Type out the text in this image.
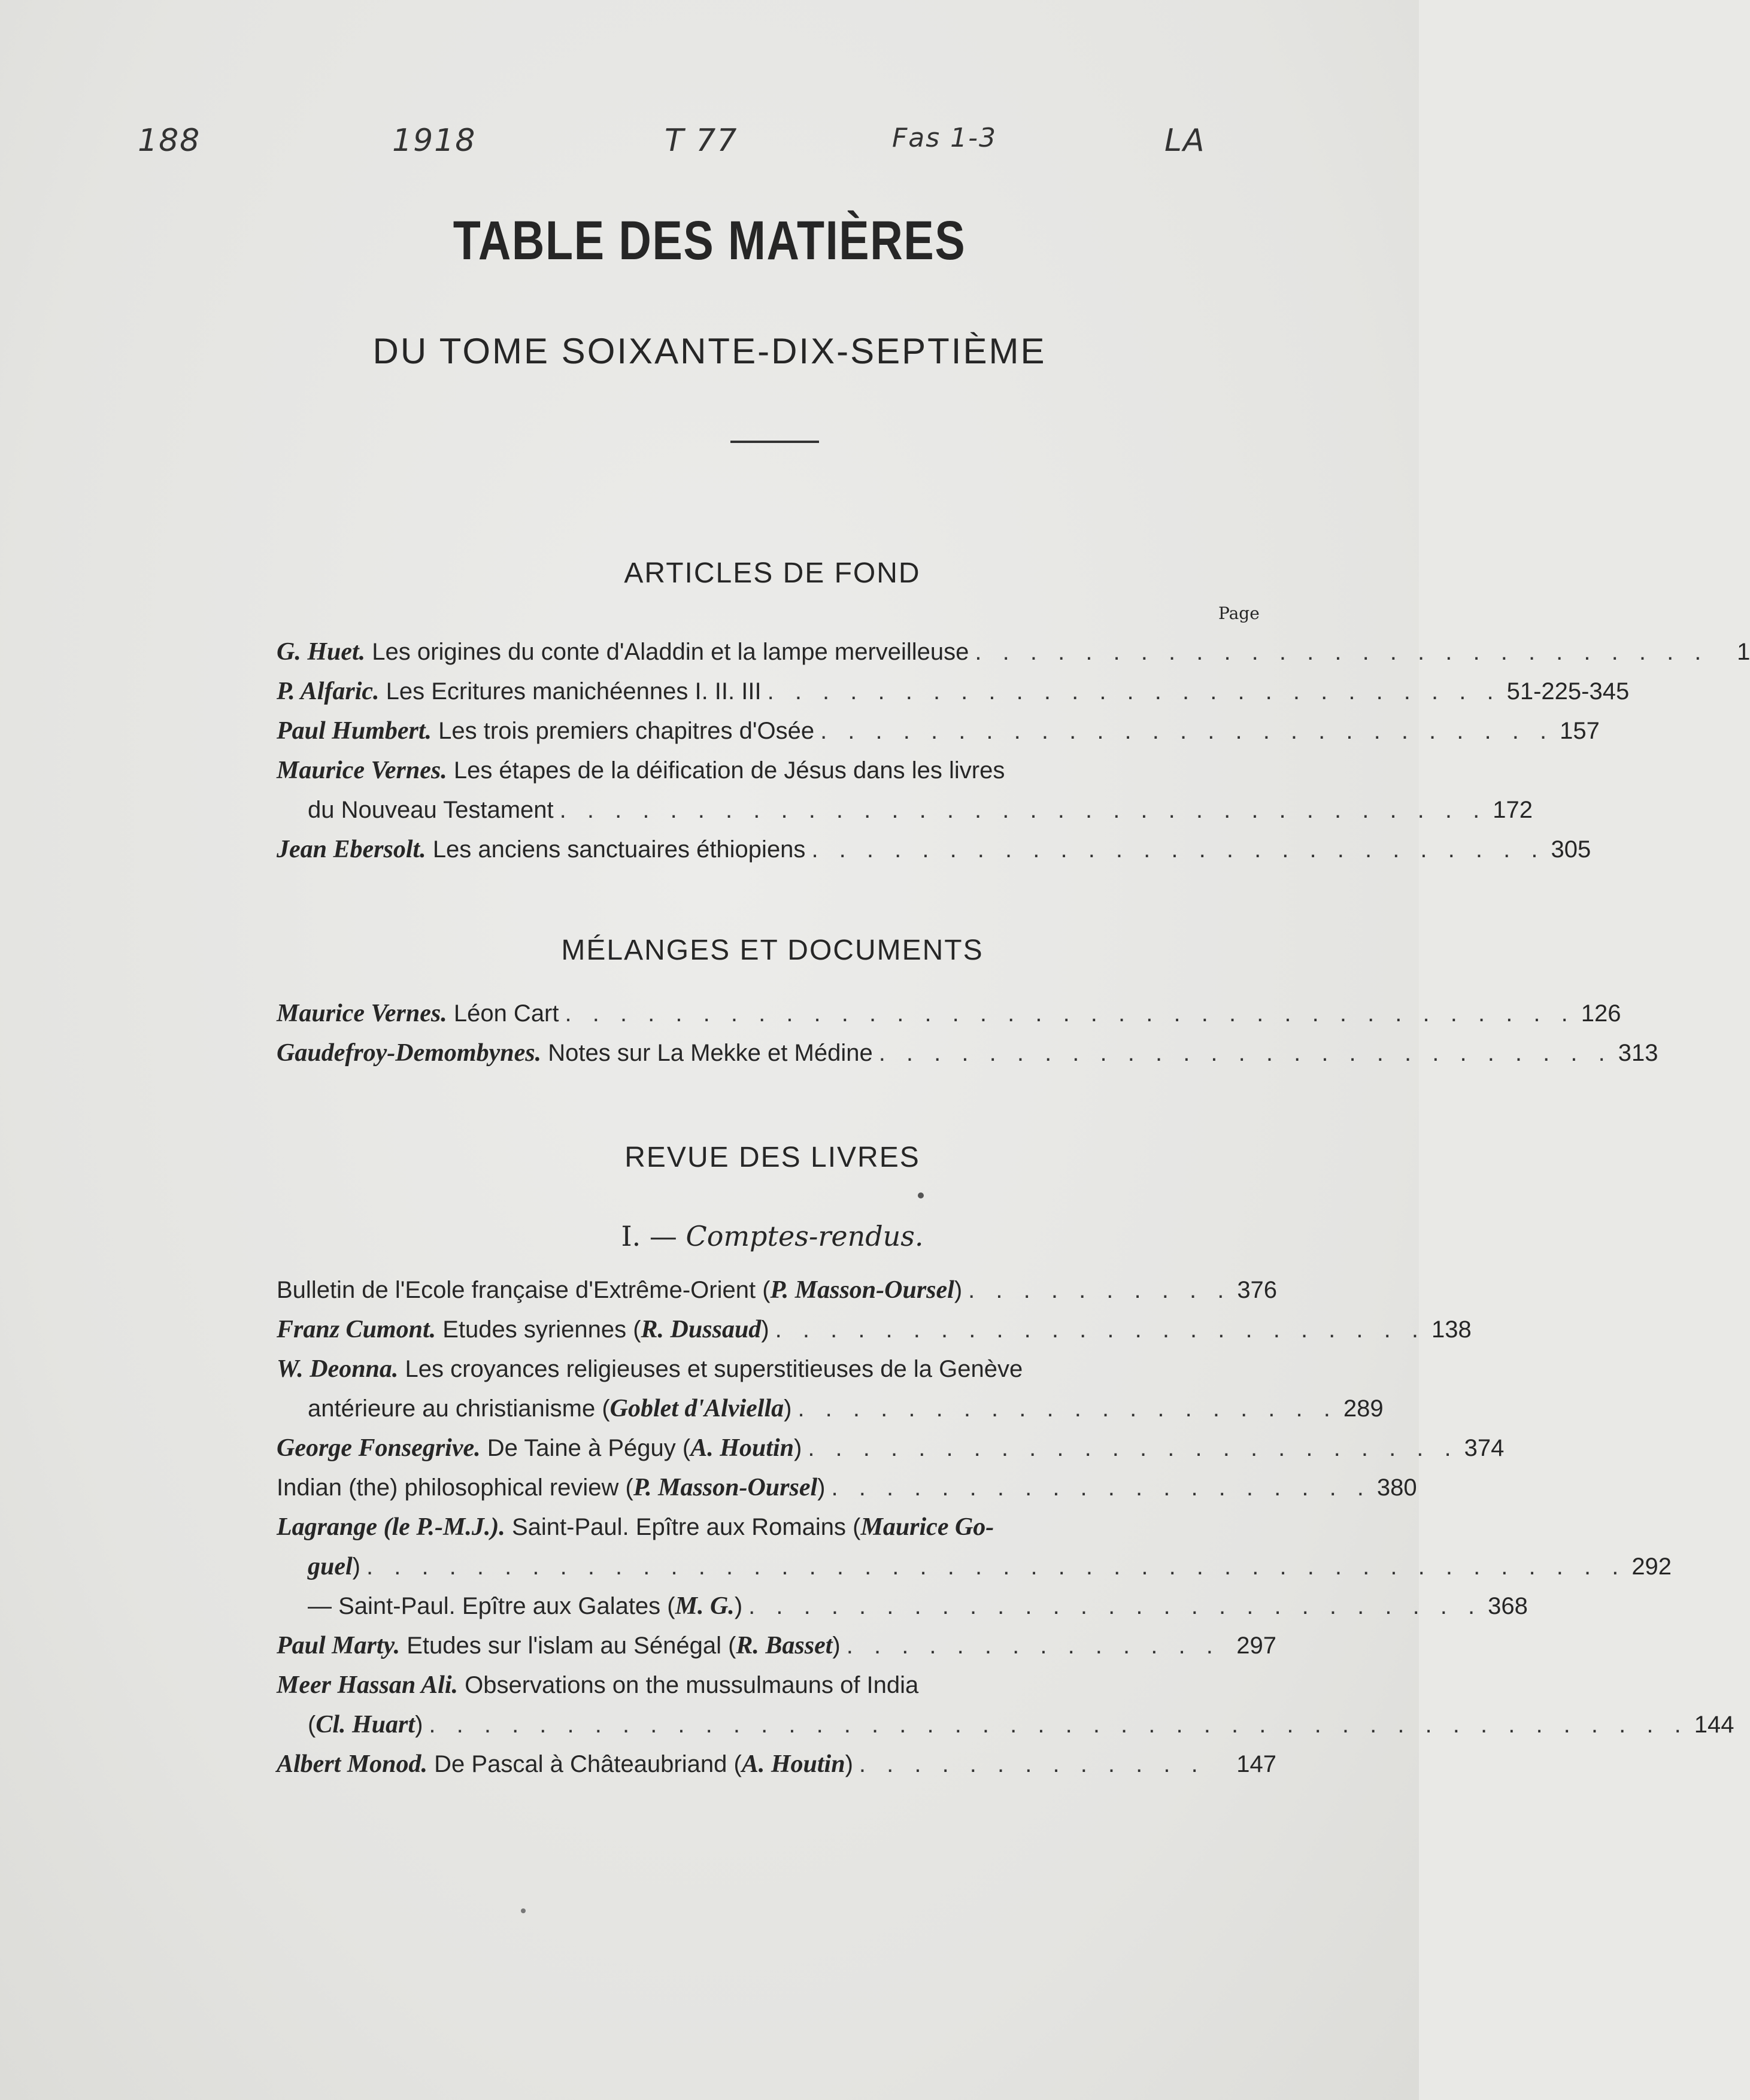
188	1918	T 77	Fas 1-3	LA
TABLE DES MATIÈRES
DU TOME SOIXANTE-DIX-SEPTIÈME
ARTICLES DE FOND
Page
G. Huet. Les origines du conte d'Aladdin et la lampe merveilleuse . . . . . . . . . . . . . . . . . . . . . . . . . . .	1
P. Alfaric. Les Ecritures manichéennes I. II. III . . . . . . . . . . . . . . . . . . . . . . . . . . . 51-225-345
Paul Humbert. Les trois premiers chapitres d'Osée . . . . . . . . . . . . . . . . . . . . . . . . . . . 157
Maurice Vernes. Les étapes de la déification de Jésus dans les livres
du Nouveau Testament . . . . . . . . . . . . . . . . . . . . . . . . . . . . . . . . . . 172
Jean Ebersolt. Les anciens sanctuaires éthiopiens . . . . . . . . . . . . . . . . . . . . . . . . . . . 305
MÉLANGES ET DOCUMENTS
Maurice Vernes. Léon Cart . . . . . . . . . . . . . . . . . . . . . . . . . . . . . . . . . . . . . 126
Gaudefroy-Demombynes. Notes sur La Mekke et Médine . . . . . . . . . . . . . . . . . . . . . . . . . . . 313
REVUE DES LIVRES
I. — Comptes-rendus.
Bulletin de l'Ecole française d'Extrême-Orient (P. Masson-Oursel) . . . . . . . . . . 376
Franz Cumont. Etudes syriennes (R. Dussaud) . . . . . . . . . . . . . . . . . . . . . . . . 138
W. Deonna. Les croyances religieuses et superstitieuses de la Genève
antérieure au christianisme (Goblet d'Alviella) . . . . . . . . . . . . . . . . . . . . 289
George Fonsegrive. De Taine à Péguy (A. Houtin) . . . . . . . . . . . . . . . . . . . . . . . . 374
Indian (the) philosophical review (P. Masson-Oursel) . . . . . . . . . . . . . . . . . . . . 380
Lagrange (le P.-M.J.). Saint-Paul. Epître aux Romains (Maurice Go-
guel) . . . . . . . . . . . . . . . . . . . . . . . . . . . . . . . . . . . . . . . . . . . . . . 292
— Saint-Paul. Epître aux Galates (M. G.) . . . . . . . . . . . . . . . . . . . . . . . . . . . 368
Paul Marty. Etudes sur l'islam au Sénégal (R. Basset) . . . . . . . . . . . . . . 297
Meer Hassan Ali. Observations on the mussulmauns of India
(Cl. Huart) . . . . . . . . . . . . . . . . . . . . . . . . . . . . . . . . . . . . . . . . . . . . . . 144
Albert Monod. De Pascal à Châteaubriand (A. Houtin) . . . . . . . . . . . . .	147
